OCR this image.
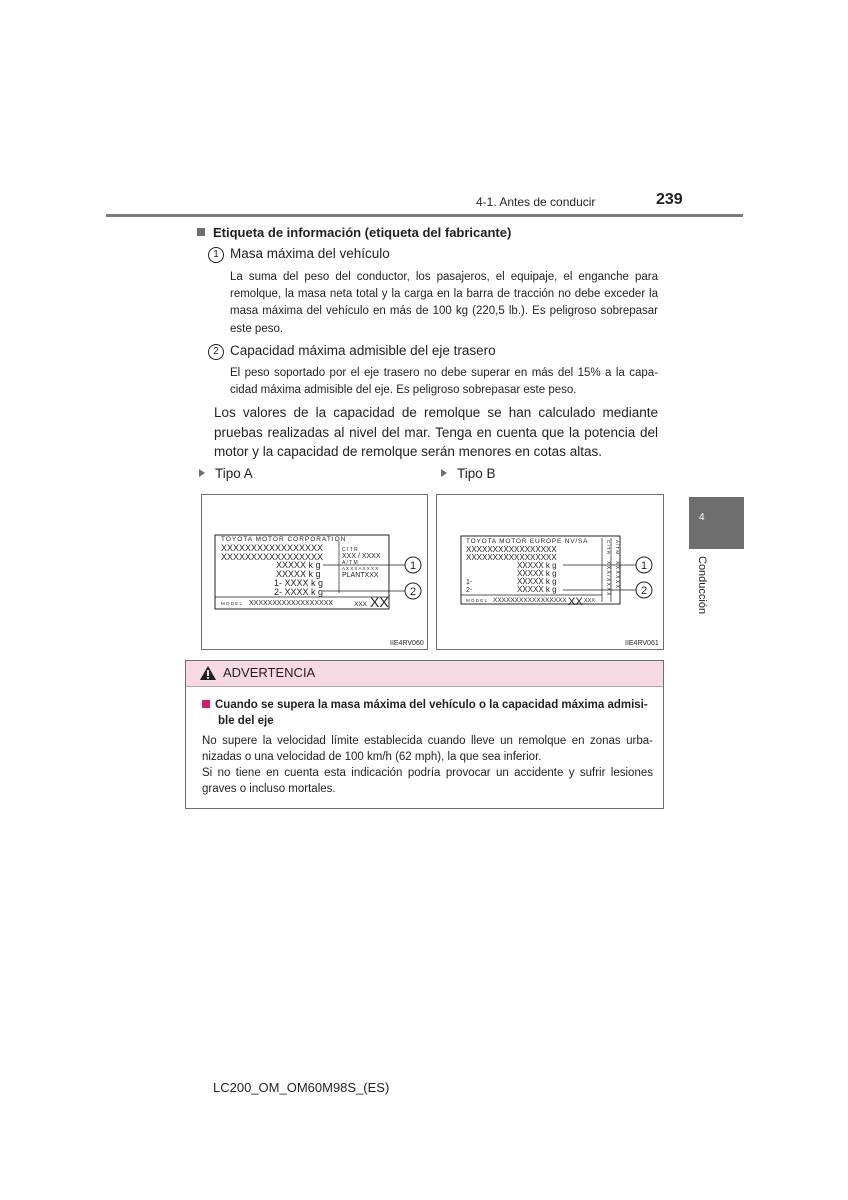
4-1. Antes de conducir	239
4
Conducción
Etiqueta de información (etiqueta del fabricante)
1 Masa máxima del vehículo
La suma del peso del conductor, los pasajeros, el equipaje, el enganche para remolque, la masa neta total y la carga en la barra de tracción no debe exceder la masa máxima del vehículo en más de 100 kg (220,5 lb.). Es peligroso sobrepasar este peso.
2 Capacidad máxima admisible del eje trasero
El peso soportado por el eje trasero no debe superar en más del 15% a la capacidad máxima admisible del eje. Es peligroso sobrepasar este peso.
Los valores de la capacidad de remolque se han calculado mediante pruebas realizadas al nivel del mar. Tenga en cuenta que la potencia del motor y la capacidad de remolque serán menores en cotas altas.
Tipo A	Tipo B
TOYOTA MOTOR CORPORATION
XXXXXXXXXXXXXXXXX
XXXXXXXXXXXXXXXXX
C I T R
XXX / XXXX
A / T M
XXXXX k g	A X X X A X X X X
XXXXX k g	PLANTXXX
1- XXXX k g
2- XXXX k g
M O D E L XXXXXXXXXXXXXXXXXX	XXX XX
1
2
IIE4RV060
TOYOTA MOTOR EUROPE NV/SA
XXXXXXXXXXXXXXXXX
XXXXXXXXXXXXXXXXX
XXXXX k g
XXXXX k g
1-	XXXXX k g
2-	XXXXX k g
M O D E L XXXXXXXXXXXXXXXXX XX XXX
C I T R
X X X / X X X X
A / T M
X X X X X X 1
2
IIE4RV061
ADVERTENCIA
Cuando se supera la masa máxima del vehículo o la capacidad máxima admisible del eje
No supere la velocidad límite establecida cuando lleve un remolque en zonas urbanizadas o una velocidad de 100 km/h (62 mph), la que sea inferior.
Si no tiene en cuenta esta indicación podría provocar un accidente y sufrir lesiones graves o incluso mortales.
LC200_OM_OM60M98S_(ES)
